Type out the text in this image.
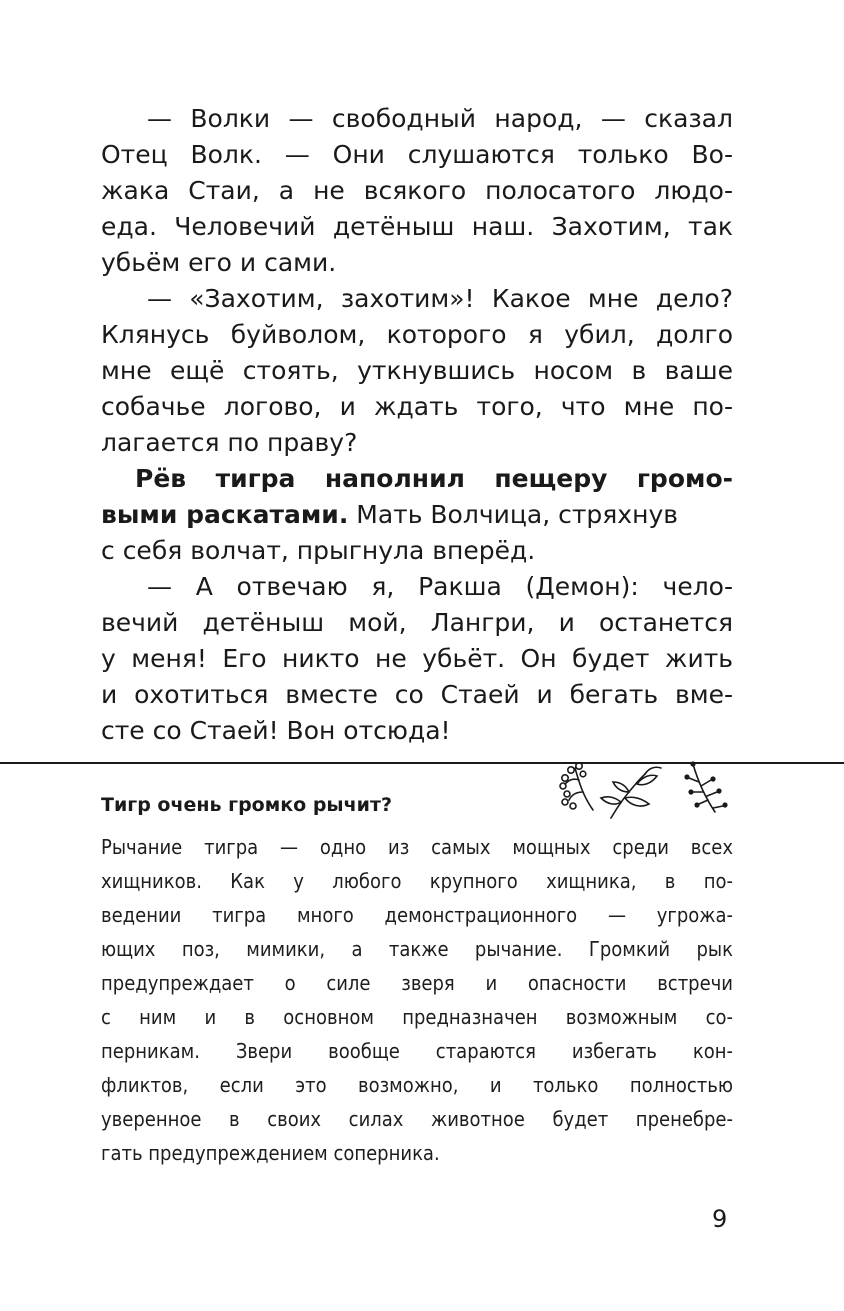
— Волки — свободный народ, — сказал
Отец Волк. — Они слушаются только Во-
жака Стаи, а не всякого полосатого людо-
еда. Человечий детёныш наш. Захотим, так
убьём его и сами.
— «Захотим, захотим»! Какое мне дело?
Клянусь буйволом, которого я убил, долго
мне ещё стоять, уткнувшись носом в ваше
собачье логово, и ждать того, что мне по-
лагается по праву?
Рёв тигра наполнил пещеру громо-
выми раскатами. Мать Волчица, стряхнув
с себя волчат, прыгнула вперёд.
— А отвечаю я, Ракша (Демон): чело-
вечий детёныш мой, Лангри, и останется
у меня! Его никто не убьёт. Он будет жить
и охотиться вместе со Стаей и бегать вме-
сте со Стаей! Вон отсюда!
Тигр очень громко рычит?
Рычание тигра — одно из самых мощных среди всех
хищников. Как у любого крупного хищника, в по-
ведении тигра много демонстрационного — угрожа-
ющих поз, мимики, а также рычание. Громкий рык
предупреждает о силе зверя и опасности встречи
с ним и в основном предназначен возможным со-
перникам. Звери вообще стараются избегать кон-
фликтов, если это возможно, и только полностью
уверенное в своих силах животное будет пренебре-
гать предупреждением соперника.
9
